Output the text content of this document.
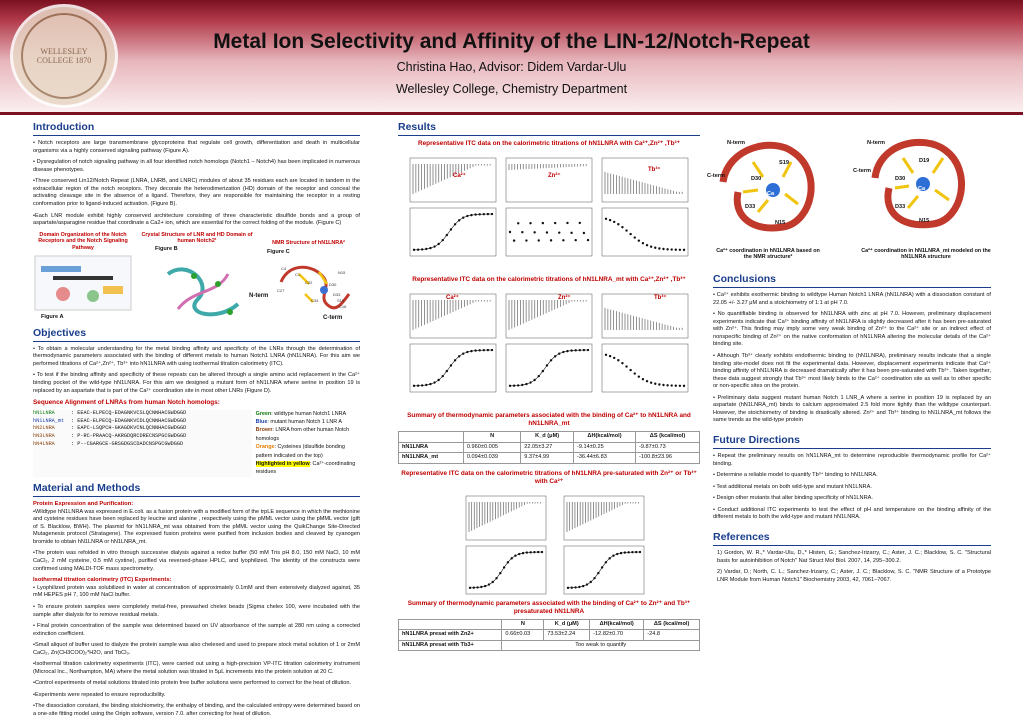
WELLESLEY COLLEGE 1870
Metal Ion Selectivity and Affinity of the LIN-12/Notch-Repeat
Christina Hao, Advisor: Didem Vardar-Ulu
Wellesley College, Chemistry Department
Introduction
• Notch receptors are large transmembrane glycoproteins that regulate cell growth, differentiation and death in multicellular organisms via a highly conserved signaling pathway (Figure A).
• Dysregulation of notch signaling pathway in all four identified notch homologs (Notch1 – Notch4) has been implicated in numerous disease phenotypes.
•Three conserved Lin12/Notch Repeat (LNRA, LNRB, and LNRC) modules of about 35 residues each are located in tandem in the extracellular region of the notch receptors. They decorate the heterodimerization (HD) domain of the receptor and conceal the activating cleavage site in the absence of a ligand. Therefore, they are responsible for maintaining the receptor in a resting conformation prior to ligand-induced activation. (Figure B).
•Each LNR module exhibit highly conserved architecture consisting of three characteristic disulfide bonds and a group of aspartate/asparagine residue that coordinate a Ca2+ ion, which are essential for the correct folding of the module. (Figure C)
Domain Organization of the Notch Receptors and the Notch Signaling Pathway
Figure A
Crystal Structure of LNR and HD Domain of human Notch2¹
Figure B
NMR Structure of hN1LNRA²
Figure C
N15
C4
C1
D30
C22
D33
C27
C34	S19
C16
N-term
C-term
Objectives
• To obtain a molecular understanding for the metal binding affinity and specificity of the LNRs through the determination of thermodynamic parameters associated with the binding of different metals to human Notch1 LNRA (hN1LNRA). For this aim we performed titrations of Ca²⁺,Zn²⁺, Tb³⁺ into hN1LNRA with using isothermal titration calorimetry (ITC).
• To test if the binding affinity and specificity of these repeats can be altered through a single amino acid replacement in the Ca²⁺ binding pocket of the wild-type hN1LNRA. For this aim we designed a mutant form of hN1LNRA where serine in position 19 is replaced by an aspartate that is part of the Ca²⁺ coordination site in most other LNRs (Figure D).
Sequence Alignment of LNRAs from human Notch homologs:
hN1LNRA	: EEAC-ELPECQ-EDAGNKVCSLQCNNHACGWDGGD
hN1LNRA_mt	: EEAC-ELPECQ-EDAGNKVCDLQCNNHACGWDGGD
hN2LNRA	: EAPC-LSQPCH-GKAGDKVCNLQCNNHACGWDGGD
hN3LNRA	: P-RC-PRAACQ-AKRGDQRCDRECNSPGCGWDGGD
hN4LNRA	: P--CGARGCE-GRSGDGSCDADCNSPGCGWDGGD
Green: wildtype human Notch1 LNRA
Blue: mutant human Notch 1 LNR A
Brown: LNRA from other human Notch homologs
Orange: Cysteines (disulfide bonding pattern indicated on the top)
Highlighted in yellow: Ca²⁺-coordinating residues
Material and Methods
Protein Expression and Purification:
•Wildtype hN1LNRA was expressed in E.coli. as a fusion protein with a modified form of the trpLE sequence in which the methionine and cysteine residues have been replaced by leucine and alanine , respectively using the pMML vector using the pMML vector (gift of S. Blacklow, BWH). The plasmid for hN1LNRA_mt was obtained from the pMML vector using the QuikChange Site-Directed Mutagenesis protocol (Stratagene). The expressed fusion proteins were purified from inclusion bodies and cleaved by cyanogen bromide to obtain hN1LNRA or hN1LNRA_mt.
•The protein was refolded in vitro through successive dialysis against a redox buffer (50 mM Tris pH 8.0, 150 mM NaCl, 10 mM CaCl₂, 2 mM cysteine, 0.5 mM cystine), purified via reversed-phase HPLC, and lyophilized. The identity of the constructs were confirmed using MALDI-TOF mass spectrometry.
Isothermal titration calorimetry (ITC) Experiments:
• Lyophilized protein was solubilized in water at concentration of approximately 0.1mM and then extensively dialyzed against, 35 mM HEPES pH 7, 100 mM NaCl buffer.
• To ensure protein samples were completely metal-free, prewashed chelex beads (Sigma chelex 100, were incubated with the sample after dialysis for to remove residual metals.
• Final protein concentration of the sample was determined based on UV absorbance of the sample at 280 nm using a corrected extinction coefficient.
•Small aliquot of buffer used to dialyze the protein sample was also chelexed and used to prepare stock metal solution of 1 or 2mM CaCl₂, Zn(CH3COO)₂*H2O, and TbCl₃.
•Isothermal titration calorimetry experiments (ITC), were carried out using a high-precision VP-ITC titration calorimetry instrument (Microcal Inc., Northampton, MA) where the metal solution was titrated in 5μL increments into the protein solution at 20 C.
•Control experiments of metal solutions titrated into protein free buffer solutions were performed to correct for the heat of dilution.
•Experiments were repeated to ensure reproducibility.
•The dissociation constant, the binding stoichiometry, the enthalpy of binding, and the calculated entropy were determined based on a one-site fitting model using the Origin software, version 7.0. after correcting for heat of dilution.
Results
Representative ITC data on the calorimetric titrations of hN1LNRA with Ca²⁺,Zn²⁺ ,Tb³⁺
Ca²⁺	Zn²⁺
Tb³⁺
Representative ITC data on the calorimetric titrations of hN1LNRA_mt with Ca²⁺,Zn²⁺ ,Tb³⁺
Ca²⁺	Zn²⁺	Tb³⁺
Summary of thermodynamic parameters associated with the binding of Ca²⁺ to hN1LNRA and hN1LNRA_mt
	N	K_d (μM)	ΔH(kcal/mol)	ΔS (kcal/mol)
hN1LNRA	0.960±0.005	22.05±3.27	-9.14±0.25	-9.87±0.73
hN1LNRA_mt	0.094±0.039	9.37±4.99	-36.44±6.83	-100.8±23.96
Representative ITC data on the calorimetric titrations of hN1LNRA pre-saturated with Zn²⁺ or Tb³⁺ with Ca²⁺
Summary of thermodynamic parameters associated with the binding of Ca²⁺ to Zn²⁺ and Tb³⁺ presaturated hN1LNRA
	N	K_d (μM)	ΔH(kcal/mol)	ΔS (kcal/mol)
hN1LNRA presat with Zn2+	0.66±0.03	73.53±2.24	-12.82±0.70	-24.8
hN1LNRA presat with Tb3+	Too weak to quantify			
N-term
C-term
S19
D30
Ca
D33
N15
N-term
C-term
D19
D30
Ca
D33
N15
Ca²⁺ coordination in hN1LNRA based on the NMR structure²
Ca²⁺ coordination in hN1LNRA_mt modeled on the hN1LNRA structure
Conclusions
• Ca²⁺ exhibits exothermic binding to wildtype Human Notch1 LNRA (hN1LNRA) with a dissociation constant of 22.05 +/- 3.27 μM and a stoichiometry of 1:1 at pH 7.0.
• No quantifiable binding is observed for hN1LNRA with zinc at pH 7.0. However, preliminary displacement experiments indicate that Ca²⁺ binding affinity of hN1LNRA is slightly decreased after it has been pre-saturated with Zn²⁺. This finding may imply some very weak binding of Zn²⁺ to the Ca²⁺ site or an indirect effect of nonspecific binding of Zn²⁺ on the native conformation of hN1LNRA altering the molecular details of the Ca²⁺ binding site.
• Although Tb³⁺ clearly exhibits endothermic binding to (hN1LNRA), preliminary results indicate that a single binding site-model does not fit the experimental data. However, displacement experiments indicate that Ca²⁺ binding affinity of hN1LNRA is decreased dramatically after it has been pre-saturated with Tb³⁺. Taken together, these data suggest strongly that Tb³⁺ most likely binds to the Ca²⁺ coordination site as well as to other specific or non-specific sites on the protein.
• Preliminary data suggest mutant human Notch 1 LNR_A where a serine in position 19 is replaced by an aspartate (hN1LNRA_mt) binds to calcium approximated 2.5 fold more tightly than the wildtype counterpart. However, the stoichiometry of binding is drastically altered. Zn²⁺ and Tb³⁺ binding to hN1LNRA_mt follows the same trends as the wild-type protein
Future Directions
• Repeat the preliminary results on hN1LNRA_mt to determine reproducible thermodynamic profile for Ca²⁺ binding.
• Determine a reliable model to quantify Tb³⁺ binding to hN1LNRA.
• Test additional metals on both wild-type and mutant hN1LNRA.
• Design other mutants that alter binding specificity of hN1LNRA.
• Conduct additional ITC experiments to test the effect of pH and temperature on the binding affinity of the different metals to both the wild-type and mutant hN1LNRA.
References
1) Gordon, W. R.,* Vardar-Ulu, D.,* Histen, G.; Sanchez-Irizarry, C.; Aster, J. C.; Blacklow, S. C. "Structural basis for autoinhibition of Notch" Nat Struct Mol Biol. 2007, 14, 295–300.2.
2) Vardar, D.; North, C. L.; Sanchez-Irizarry, C.; Aster, J. C.; Blacklow, S. C. "NMR Structure of a Prototype LNR Module from Human Notch1" Biochemistry 2003, 42, 7061–7067.
